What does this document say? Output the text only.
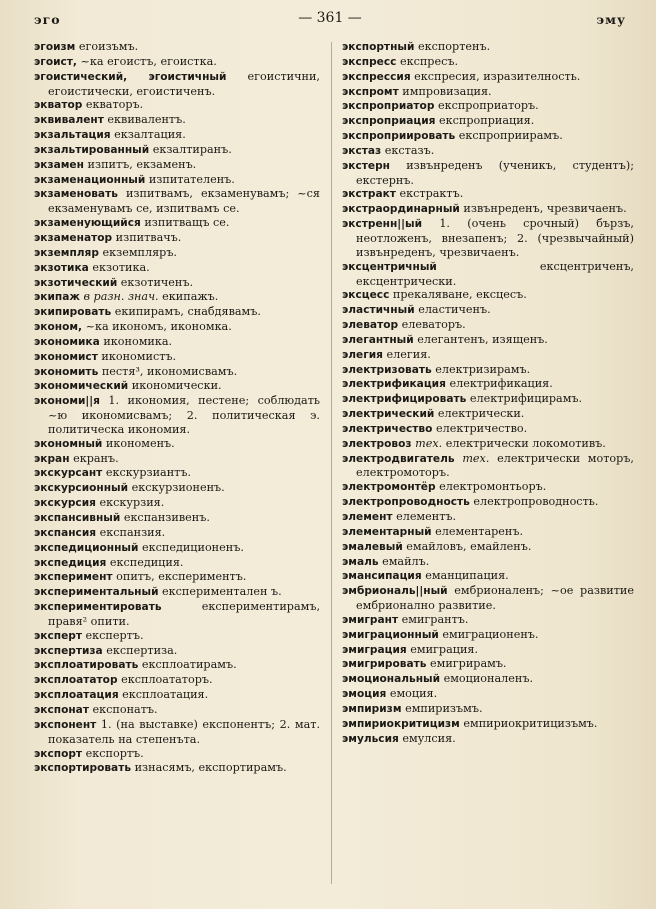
эго	— 361 —	эму

эгоизм егоизъмъ.

эгоист, ~ка егоистъ, егоистка.

эгоистический, эгоистичный егоистични, егоистически, егоистиченъ.

экватор екваторъ.

эквивалент еквивалентъ.

экзальтация екзалтация.

экзальтированный екзалтиранъ.

экзамен изпитъ, екзаменъ.

экзаменационный изпитателенъ.

экзаменовать изпитвамъ, екзаменувамъ; ~ся екзаменувамъ се, изпитвамъ се.

экзаменующийся изпитващъ се.

экзаменатор изпитвачъ.

экземпляр екземпляръ.

экзотика екзотика.

экзотический екзотиченъ.

экипаж в разн. знач. екипажъ.

экипировать екипирамъ, снабдявамъ.

эконом, ~ка икономъ, икономка.

экономика икономика.

экономист икономистъ.

экономить пестя³, икономисвамъ.

экономический икономически.

экономи||я 1. икономия, пестене; соблюдать ~ю икономисвамъ; 2. политическая э. политическа икономия.

экономный икономенъ.

экран екранъ.

экскурсант екскурзиантъ.

экскурсионный екскурзионенъ.

экскурсия екскурзия.

экспансивный експанзивенъ.

экспансия експанзия.

экспедиционный експедиционенъ.

экспедиция експедиция.

эксперимент опитъ, експериментъ.

экспериментальный експериментален ъ.

экспериментировать експериментирамъ, правя² опити.

эксперт експертъ.

экспертиза експертиза.

эксплоатировать експлоатирамъ.

эксплоататор експлоататоръ.

эксплоатация експлоатация.

экспонат експонатъ.

экспонент 1. (на выставке) експонентъ; 2. мат. показатель на степенъта.

экспорт експортъ.

экспортировать изнасямъ, експортирамъ.

экспортный експортенъ.

экспресс експресъ.

экспрессия експресия, изразителность.

экспромт импровизация.

экспроприатор експроприаторъ.

экспроприация експроприация.

экспроприировать експроприирамъ.

экстаз екстазъ.

экстерн извънреденъ (ученикъ, студентъ); екстернъ.

экстракт екстрактъ.

экстраординарный извънреденъ, чрезвичаенъ.

экстренн||ый 1. (очень срочный) бързъ, неотложенъ, внезапенъ; 2. (чрезвычайный) извънреденъ, чрезвичаенъ.

эксцентричный ексцентриченъ, ексцентрически.

эксцесс прекаляване, ексцесъ.

эластичный еластиченъ.

элеватор елеваторъ.

элегантный елегантенъ, изященъ.

элегия елегия.

электризовать електризирамъ.

электрификация електрификация.

электрифицировать електрифицирамъ.

электрический електрически.

электричество електричество.

электровоз тех. електрически локомотивъ.

электродвигатель тех. електрически моторъ, електромоторъ.

электромонтёр електромонтьоръ.

электропроводность електропроводность.

элемент елементъ.

элементарный елементаренъ.

эмалевый емайловъ, емайленъ.

эмаль емайлъ.

эмансипация еманципация.

эмбриональ||ный ембрионаленъ; ~ое развитие ембрионално развитие.

эмигрант емигрантъ.

эмиграционный емиграционенъ.

эмиграция емиграция.

эмигрировать емигрирамъ.

эмоциональный емоционаленъ.

эмоция емоция.

эмпиризм емпиризъмъ.

эмпириокритицизм емпириокритицизъмъ.

эмульсия емулсия.
